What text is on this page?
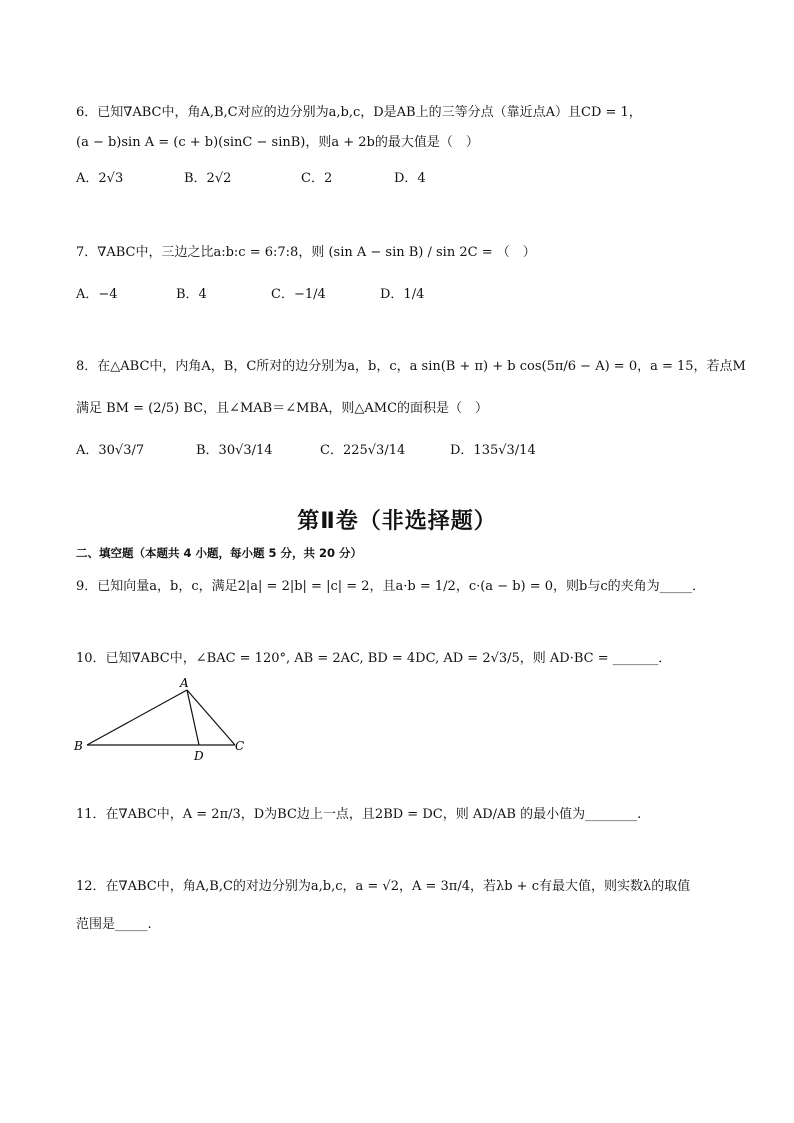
6．已知∇ABC中，角A,B,C对应的边分别为a,b,c，D是AB上的三等分点（靠近点A）且CD = 1，
(a − b)sin A = (c + b)(sinC − sinB)，则a + 2b的最大值是（　）
A．2√3	B．2√2	C．2	D．4
7．∇ABC中，三边之比a:b:c = 6:7:8，则 (sin A − sin B) / sin 2C = （　）
A．−4	B．4	C．−1/4	D．1/4
8．在△ABC中，内角A，B，C所对的边分别为a，b，c，a sin(B + π) + b cos(5π/6 − A) = 0，a = 15，若点M
满足 BM = (2/5) BC，且∠MAB＝∠MBA，则△AMC的面积是（　）
A．30√3/7	B．30√3/14	C．225√3/14	D．135√3/14
第Ⅱ卷（非选择题）
二、填空题（本题共 4 小题，每小题 5 分，共 20 分）
9．已知向量a，b，c，满足2|a| = 2|b| = |c| = 2，且a·b = 1/2，c·(a − b) = 0，则b与c的夹角为_____．
10．已知∇ABC中，∠BAC = 120°, AB = 2AC, BD = 4DC, AD = 2√3/5，则 AD·BC = _______．
A
B	C
D
11．在∇ABC中，A = 2π/3，D为BC边上一点，且2BD = DC，则 AD/AB 的最小值为________.
12．在∇ABC中，角A,B,C的对边分别为a,b,c，a = √2，A = 3π/4，若λb + c有最大值，则实数λ的取值
范围是_____.
